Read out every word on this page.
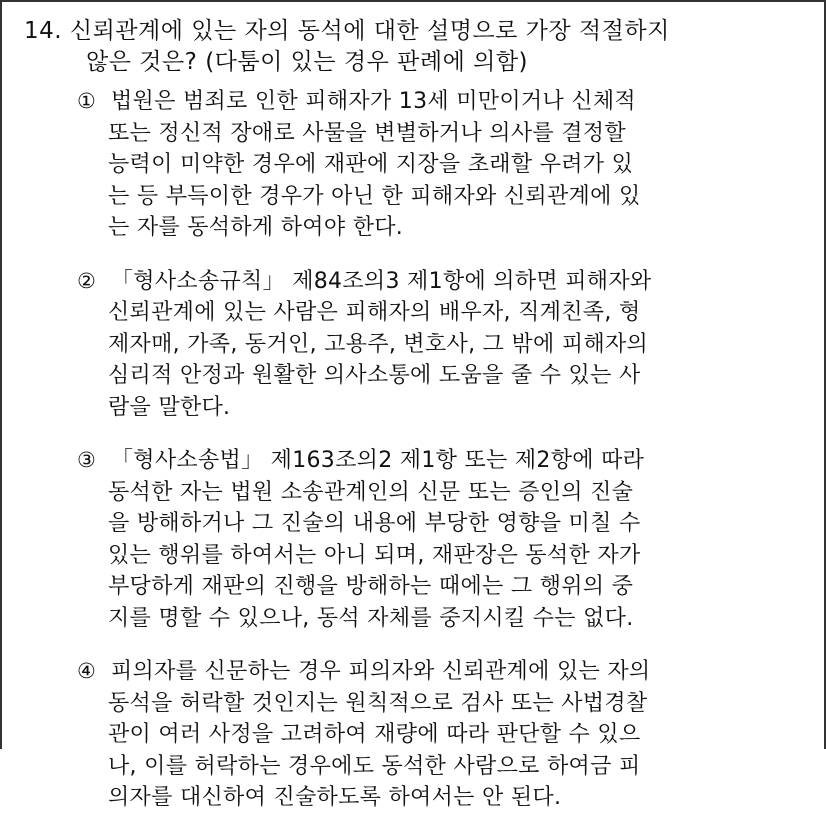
14. 신뢰관계에 있는 자의 동석에 대한 설명으로 가장 적절하지
않은 것은? (다툼이 있는 경우 판례에 의함)
① 법원은 범죄로 인한 피해자가 13세 미만이거나 신체적
또는 정신적 장애로 사물을 변별하거나 의사를 결정할
능력이 미약한 경우에 재판에 지장을 초래할 우려가 있
는 등 부득이한 경우가 아닌 한 피해자와 신뢰관계에 있
는 자를 동석하게 하여야 한다.
② 「형사소송규칙」 제84조의3 제1항에 의하면 피해자와
신뢰관계에 있는 사람은 피해자의 배우자, 직계친족, 형
제자매, 가족, 동거인, 고용주, 변호사, 그 밖에 피해자의
심리적 안정과 원활한 의사소통에 도움을 줄 수 있는 사
람을 말한다.
③ 「형사소송법」 제163조의2 제1항 또는 제2항에 따라
동석한 자는 법원 소송관계인의 신문 또는 증인의 진술
을 방해하거나 그 진술의 내용에 부당한 영향을 미칠 수
있는 행위를 하여서는 아니 되며, 재판장은 동석한 자가
부당하게 재판의 진행을 방해하는 때에는 그 행위의 중
지를 명할 수 있으나, 동석 자체를 중지시킬 수는 없다.
④ 피의자를 신문하는 경우 피의자와 신뢰관계에 있는 자의
동석을 허락할 것인지는 원칙적으로 검사 또는 사법경찰
관이 여러 사정을 고려하여 재량에 따라 판단할 수 있으
나, 이를 허락하는 경우에도 동석한 사람으로 하여금 피
의자를 대신하여 진술하도록 하여서는 안 된다.
